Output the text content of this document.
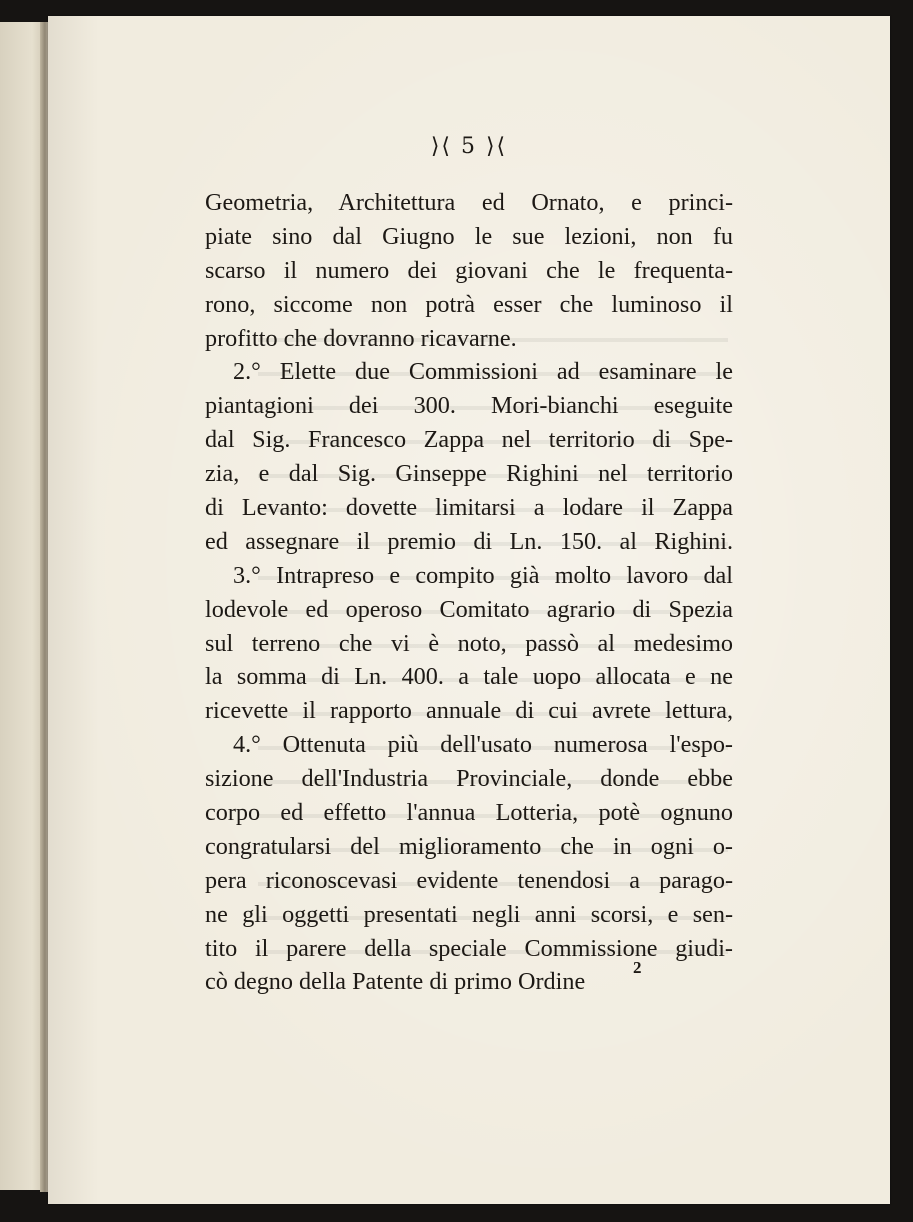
⟩⟨ 5 ⟩⟨
Geometria, Architettura ed Ornato, e princi-
piate sino dal Giugno le sue lezioni, non fu
scarso il numero dei giovani che le frequenta-
rono, siccome non potrà esser che luminoso il
profitto che dovranno ricavarne.
2.° Elette due Commissioni ad esaminare le
piantagioni dei 300. Mori-bianchi eseguite
dal Sig. Francesco Zappa nel territorio di Spe-
zia, e dal Sig. Ginseppe Righini nel territorio
di Levanto: dovette limitarsi a lodare il Zappa
ed assegnare il premio di Ln. 150. al Righini.
3.° Intrapreso e compito già molto lavoro dal
lodevole ed operoso Comitato agrario di Spezia
sul terreno che vi è noto, passò al medesimo
la somma di Ln. 400. a tale uopo allocata e ne
ricevette il rapporto annuale di cui avrete lettura,
4.° Ottenuta più dell'usato numerosa l'espo-
sizione dell'Industria Provinciale, donde ebbe
corpo ed effetto l'annua Lotteria, potè ognuno
congratularsi del miglioramento che in ogni o-
pera riconoscevasi evidente tenendosi a parago-
ne gli oggetti presentati negli anni scorsi, e sen-
tito il parere della speciale Commissione giudi-
cò degno della Patente di primo Ordine
2
